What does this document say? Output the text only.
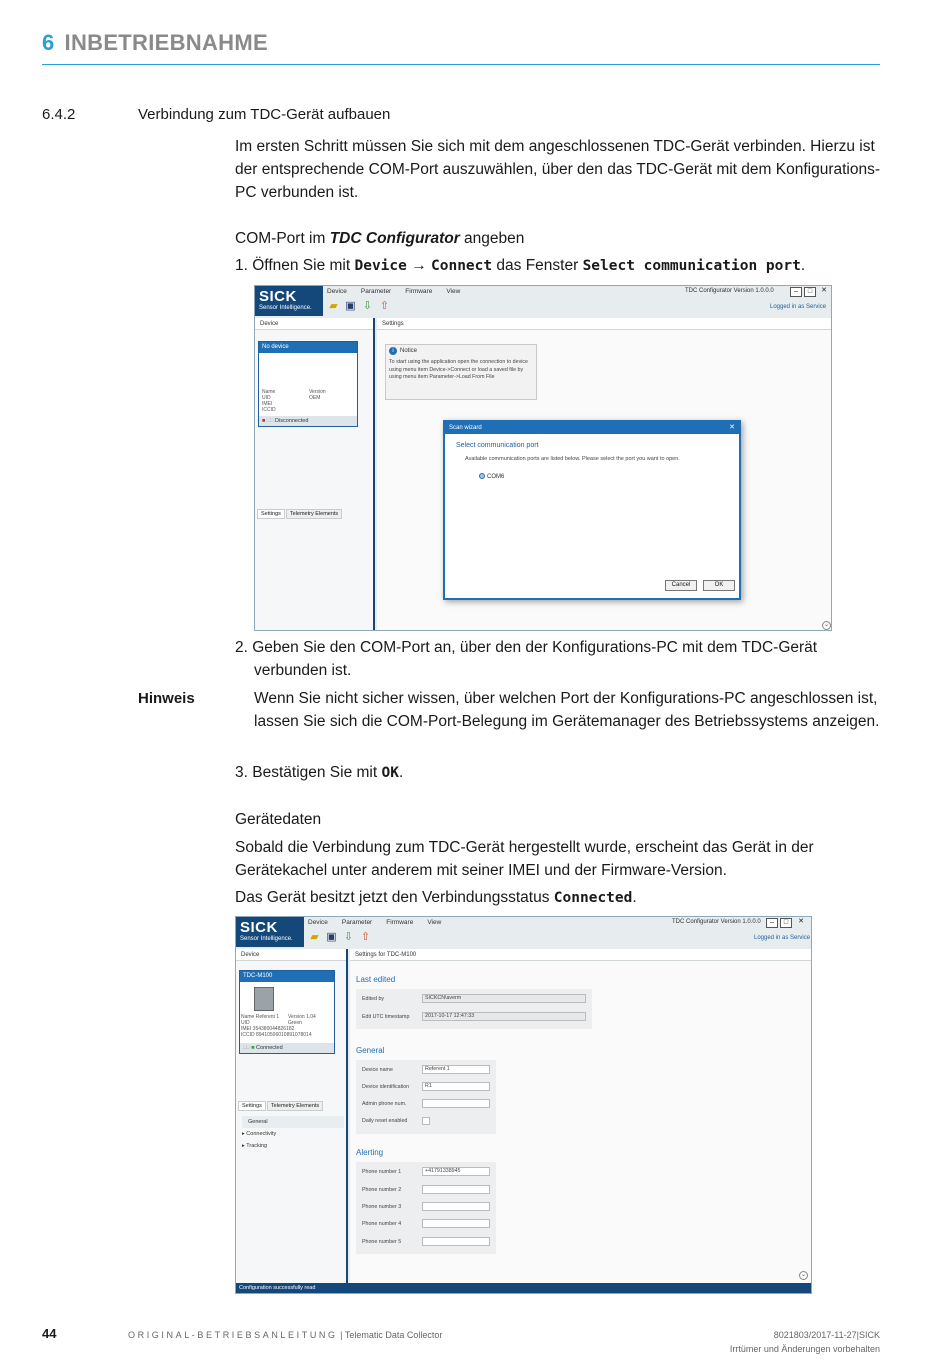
6 INBETRIEBNAHME
6.4.2	Verbindung zum TDC-Gerät aufbauen
Im ersten Schritt müssen Sie sich mit dem angeschlossenen TDC-Gerät verbinden. Hierzu ist der entsprechende COM-Port auszuwählen, über den das TDC-Gerät mit dem Konfigurations-PC verbunden ist.
COM-Port im TDC Configurator angeben
1. Öffnen Sie mit Device → Connect das Fenster Select communication port.
SICK
Sensor Intelligence.
Device Parameter Firmware View
▰ ▣ ⇩ ⇧
TDC Configurator Version 1.0.0.0	–	□	✕
Logged in as Service
Device
No device
Name	Version
UID	OEM
IMEI
ICCID
■ □□ Disconnected
Settings	Telemetry Elements
Settings
i	Notice
To start using the application open the connection to device using menu item Device->Connect or load a saved file by using menu item Parameter->Load From File
Scan wizard	✕
Select communication port
Available communication ports are listed below. Please select the port you want to open.
COM6
Cancel	OK
⌄
2. Geben Sie den COM-Port an, über den der Konfigurations-PC mit dem TDC-Gerät verbunden ist.
Hinweis	Wenn Sie nicht sicher wissen, über welchen Port der Konfigurations-PC angeschlossen ist, lassen Sie sich die COM-Port-Belegung im Gerätemanager des Betriebssystems anzeigen.
3. Bestätigen Sie mit OK.
Gerätedaten
Sobald die Verbindung zum TDC-Gerät hergestellt wurde, erscheint das Gerät in der Gerätekachel unter anderem mit seiner IMEI und der Firmware-Version.
Das Gerät besitzt jetzt den Verbindungsstatus Connected.
SICK
Sensor Intelligence.
Device Parameter Firmware View
▰ ▣ ⇩ ⇧
TDC Configurator Version 1.0.0.0	–	□	✕
Logged in as Service
Device
TDC-M100
Name Referent 1 Version 1.04
UID	Green
IMEI 354380044826182
ICCID 89410506010891078014
□□ ■ Connected
Settings	Telemetry Elements
General
▸ Connectivity
▸ Tracking
Settings for TDC-M100
Last edited
Edited by	SICKCN\averm
Edit UTC timestamp	2017-10-17 12:47:33
General
Device name	Referent 1
Device identification	R1
Admin phone num.
Daily reset enabled
Alerting
Phone number 1	+41791338945
Phone number 2
Phone number 3
Phone number 4
Phone number 5
⌄
Configuration successfully read
44	ORIGINAL-BETRIEBSANLEITUNG | Telematic Data Collector	8021803/2017-11-27|SICK
Irrtümer und Änderungen vorbehalten
